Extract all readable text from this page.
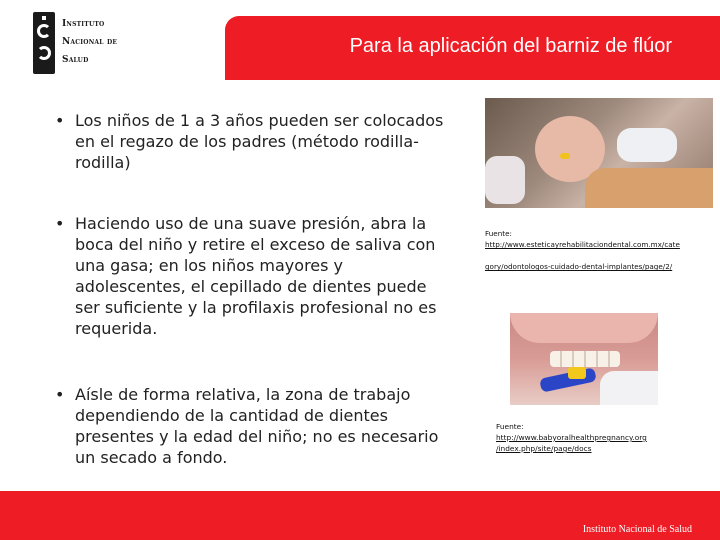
Instituto
Nacional de
Salud
Para la aplicación del barniz de flúor
• Los niños de 1 a 3 años pueden ser colocados en el regazo de los padres (método rodilla-rodilla)
• Haciendo uso de una suave presión, abra la boca del niño y retire el exceso de saliva con una gasa; en los niños mayores y adolescentes, el cepillado de dientes puede ser suficiente y la profilaxis profesional no es requerida.
• Aísle de forma relativa, la zona de trabajo dependiendo de la cantidad de dientes presentes y la edad del niño; no es necesario un secado a fondo.
Fuente:
http://www.esteticayrehabilitaciondental.com.mx/cate
gory/odontologos-cuidado-dental-implantes/page/2/
Fuente:
http://www.babyoralhealthpregnancy.org
/index.php/site/page/docs
Instituto Nacional de Salud
